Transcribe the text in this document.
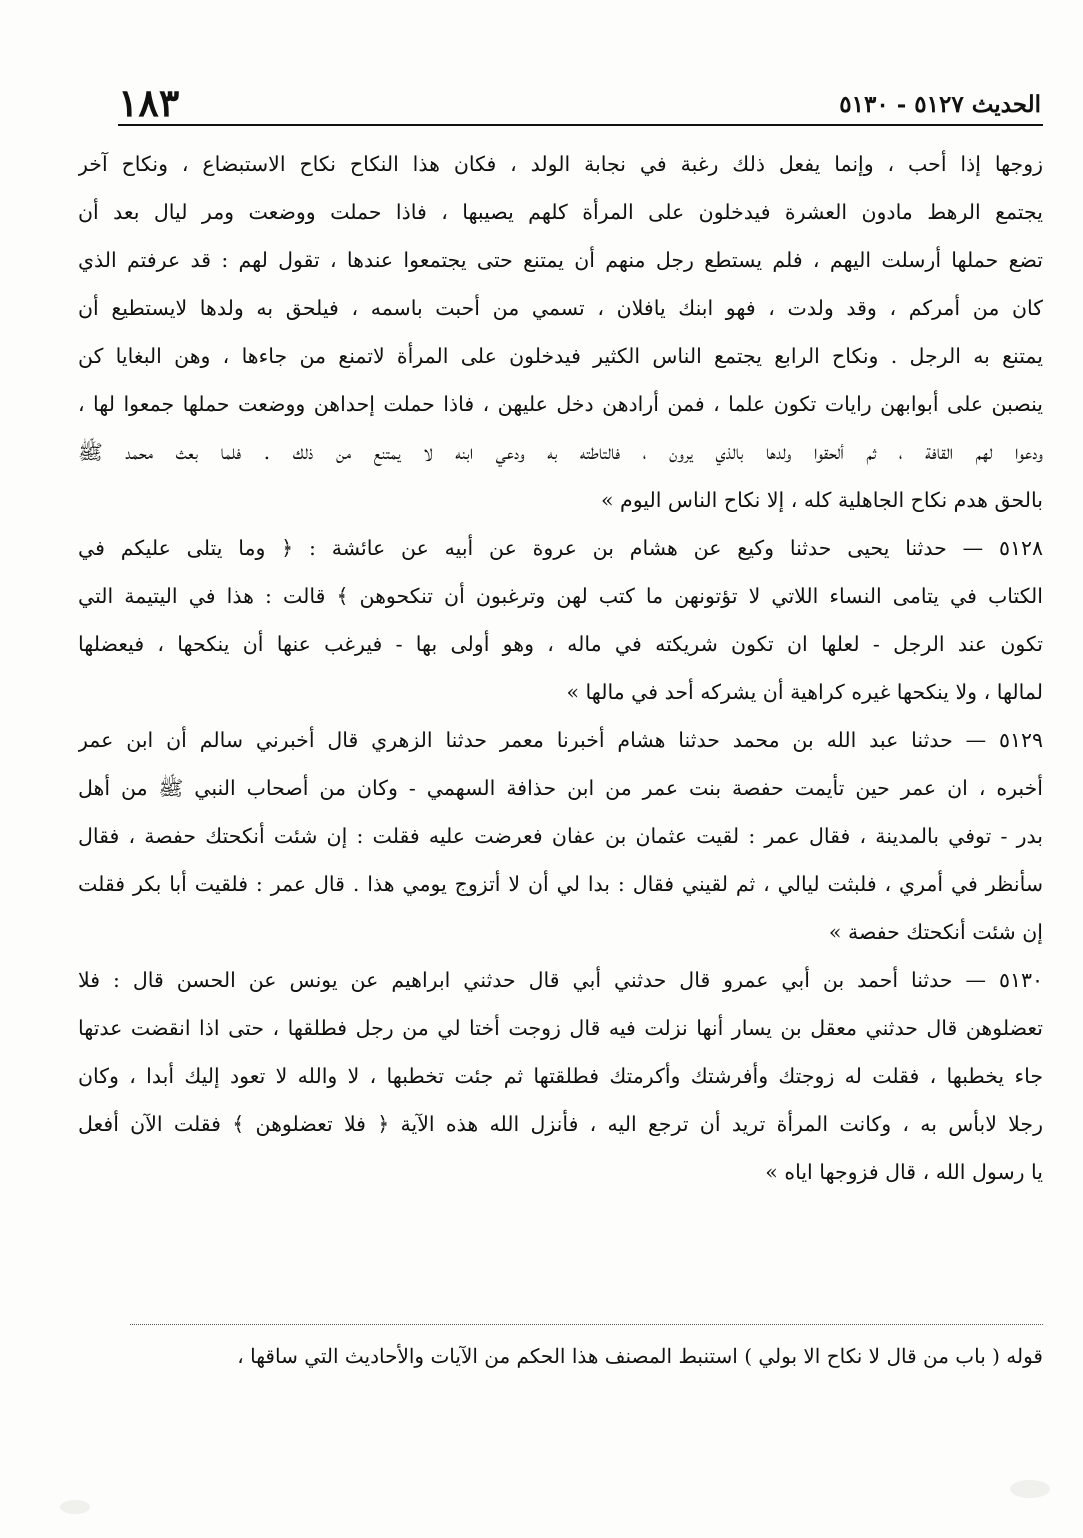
الحديث ٥١٢٧ - ٥١٣٠
١٨٣
زوجها إذا أحب ، وإنما يفعل ذلك رغبة في نجابة الولد ، فكان هذا النكاح نكاح الاستبضاع ، ونكاح آخر
يجتمع الرهط مادون العشرة فيدخلون على المرأة كلهم يصيبها ، فاذا حملت ووضعت ومر ليال بعد أن
تضع حملها أرسلت اليهم ، فلم يستطع رجل منهم أن يمتنع حتى يجتمعوا عندها ، تقول لهم : قد عرفتم الذي
كان من أمركم ، وقد ولدت ، فهو ابنك يافلان ، تسمي من أحبت باسمه ، فيلحق به ولدها لايستطيع أن
يمتنع به الرجل . ونكاح الرابع يجتمع الناس الكثير فيدخلون على المرأة لاتمنع من جاءها ، وهن البغايا كن
ينصبن على أبوابهن رايات تكون علما ، فمن أرادهن دخل عليهن ، فاذا حملت إحداهن ووضعت حملها جمعوا لها ،
ودعوا لهم القافة ، ثم ألحقوا ولدها بالذي يرون ، فالتاطته به ودعي ابنه لا يمتنع من ذلك . فلما بعث محمد ﷺ
بالحق هدم نكاح الجاهلية كله ، إلا نكاح الناس اليوم »
٥١٢٨ — حدثنا يحيى حدثنا وكيع عن هشام بن عروة عن أبيه عن عائشة : ﴿ وما يتلى عليكم في
الكتاب في يتامى النساء اللاتي لا تؤتونهن ما كتب لهن وترغبون أن تنكحوهن ﴾ قالت : هذا في اليتيمة التي
تكون عند الرجل - لعلها ان تكون شريكته في ماله ، وهو أولى بها - فيرغب عنها أن ينكحها ، فيعضلها
لمالها ، ولا ينكحها غيره كراهية أن يشركه أحد في مالها »
٥١٢٩ — حدثنا عبد الله بن محمد حدثنا هشام أخبرنا معمر حدثنا الزهري قال أخبرني سالم أن ابن عمر
أخبره ، ان عمر حين تأيمت حفصة بنت عمر من ابن حذافة السهمي - وكان من أصحاب النبي ﷺ من أهل
بدر - توفي بالمدينة ، فقال عمر : لقيت عثمان بن عفان فعرضت عليه فقلت : إن شئت أنكحتك حفصة ، فقال
سأنظر في أمري ، فلبثت ليالي ، ثم لقيني فقال : بدا لي أن لا أتزوج يومي هذا . قال عمر : فلقيت أبا بكر فقلت
إن شئت أنكحتك حفصة »
٥١٣٠ — حدثنا أحمد بن أبي عمرو قال حدثني أبي قال حدثني ابراهيم عن يونس عن الحسن قال : فلا
تعضلوهن قال حدثني معقل بن يسار أنها نزلت فيه قال زوجت أختا لي من رجل فطلقها ، حتى اذا انقضت عدتها
جاء يخطبها ، فقلت له زوجتك وأفرشتك وأكرمتك فطلقتها ثم جئت تخطبها ، لا والله لا تعود إليك أبدا ، وكان
رجلا لابأس به ، وكانت المرأة تريد أن ترجع اليه ، فأنزل الله هذه الآية ﴿ فلا تعضلوهن ﴾ فقلت الآن أفعل
يا رسول الله ، قال فزوجها اياه »
قوله ( باب من قال لا نكاح الا بولي ) استنبط المصنف هذا الحكم من الآيات والأحاديث التي ساقها ،
